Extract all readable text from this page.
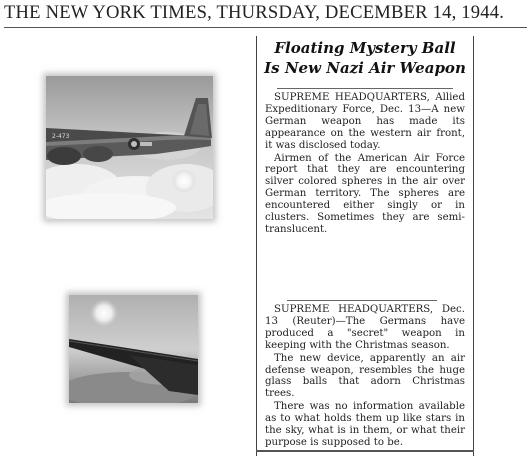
THE NEW YORK TIMES, THURSDAY, DECEMBER 14, 1944.
2-473
Floating Mystery Ball
Is New Nazi Air Weapon

SUPREME HEADQUARTERS, Allied Expeditionary Force, Dec. 13—A new German weapon has made its appearance on the western air front, it was disclosed today.

Airmen of the American Air Force report that they are encountering silver colored spheres in the air over German territory. The spheres are encountered either singly or in clusters. Sometimes they are semi-translucent.

SUPREME HEADQUARTERS, Dec. 13 (Reuter)—The Germans have produced a "secret" weapon in keeping with the Christmas season.

The new device, apparently an air defense weapon, resembles the huge glass balls that adorn Christmas trees.

There was no information available as to what holds them up like stars in the sky, what is in them, or what their purpose is supposed to be.
